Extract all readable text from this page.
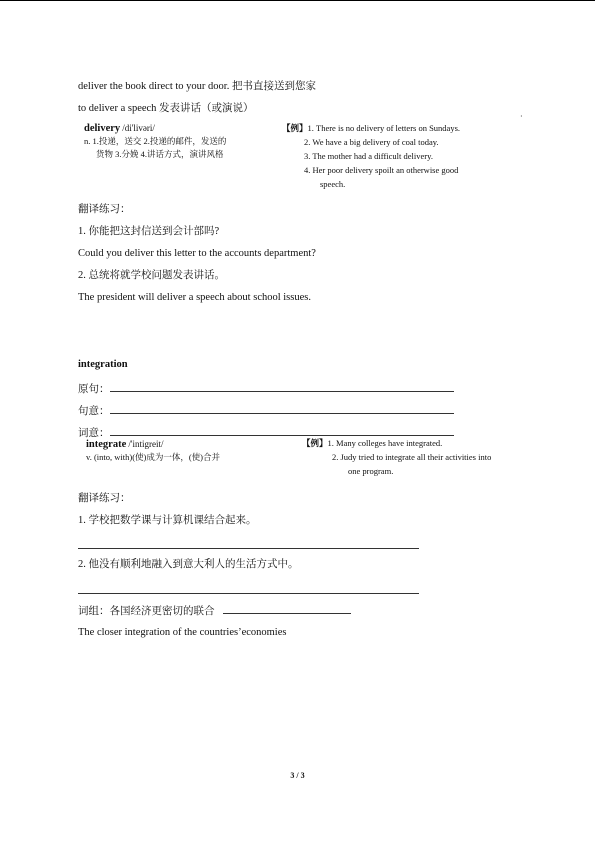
deliver the book direct to your door. 把书直接送到您家
to deliver a speech 发表讲话（或演说）
delivery /di'livəri/
n. 1.投递，送交 2.投递的邮件，发送的
货物 3.分娩 4.讲话方式，演讲风格
·
【例】1. There is no delivery of letters on Sundays.
2. We have a big delivery of coal today.
3. The mother had a difficult delivery.
4. Her poor delivery spoilt an otherwise good
speech.
翻译练习：
1. 你能把这封信送到会计部吗?
Could you deliver this letter to the accounts department?
2. 总统将就学校问题发表讲话。
The president will deliver a speech about school issues.
integration
原句：
句意：
词意：
integrate /'intigreit/
v. (into, with)(使)成为一体，(使)合并
【例】1. Many colleges have integrated.
2. Judy tried to integrate all their activities into
one program.
翻译练习：
1. 学校把数学课与计算机课结合起来。
2. 他没有顺利地融入到意大利人的生活方式中。
词组：各国经济更密切的联合
The closer integration of the countries’economies
3 / 3
